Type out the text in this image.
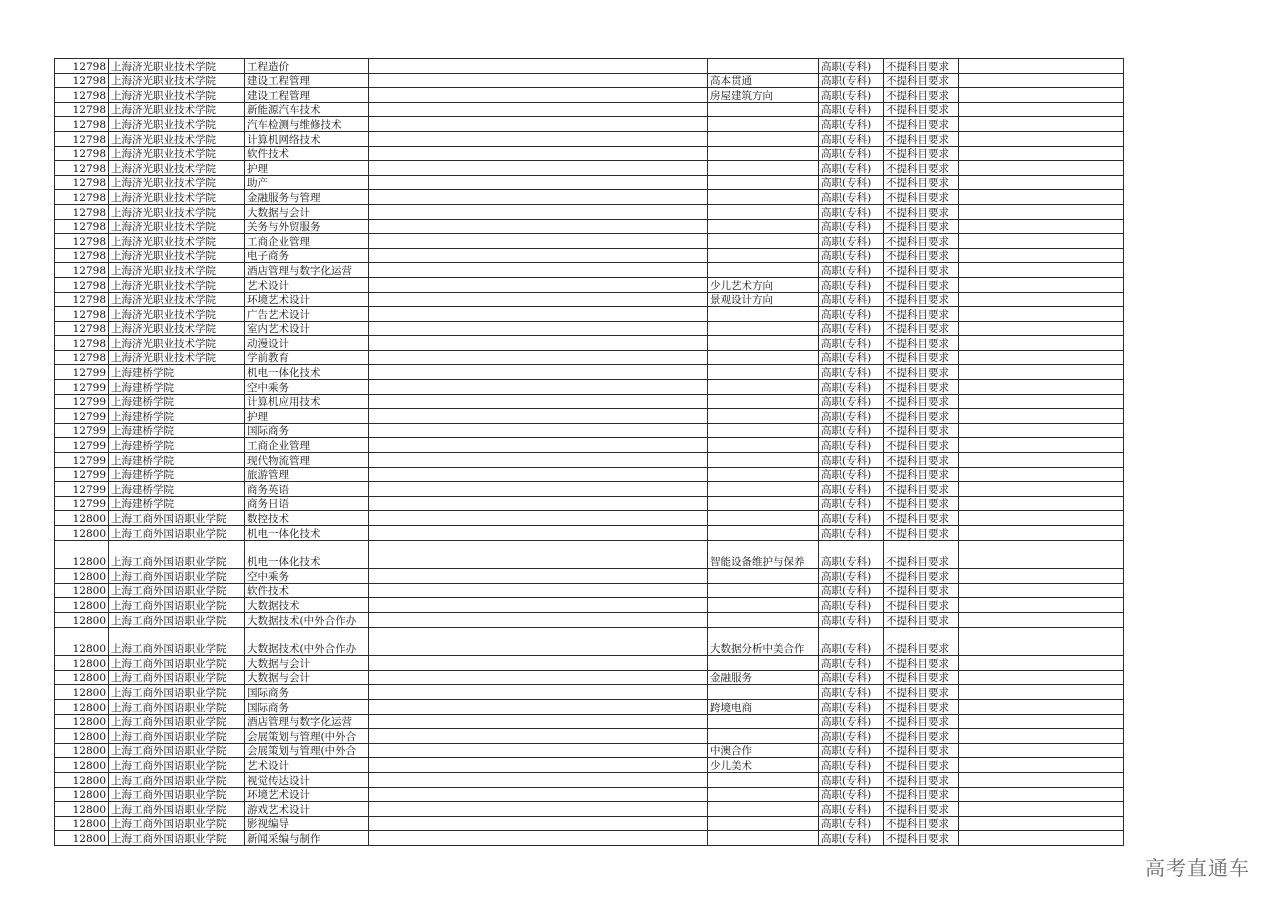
12798	上海济光职业技术学院	工程造价			高职(专科)	不提科目要求	
12798	上海济光职业技术学院	建设工程管理		高本贯通	高职(专科)	不提科目要求	
12798	上海济光职业技术学院	建设工程管理		房屋建筑方向	高职(专科)	不提科目要求	
12798	上海济光职业技术学院	新能源汽车技术			高职(专科)	不提科目要求	
12798	上海济光职业技术学院	汽车检测与维修技术			高职(专科)	不提科目要求	
12798	上海济光职业技术学院	计算机网络技术			高职(专科)	不提科目要求	
12798	上海济光职业技术学院	软件技术			高职(专科)	不提科目要求	
12798	上海济光职业技术学院	护理			高职(专科)	不提科目要求	
12798	上海济光职业技术学院	助产			高职(专科)	不提科目要求	
12798	上海济光职业技术学院	金融服务与管理			高职(专科)	不提科目要求	
12798	上海济光职业技术学院	大数据与会计			高职(专科)	不提科目要求	
12798	上海济光职业技术学院	关务与外贸服务			高职(专科)	不提科目要求	
12798	上海济光职业技术学院	工商企业管理			高职(专科)	不提科目要求	
12798	上海济光职业技术学院	电子商务			高职(专科)	不提科目要求	
12798	上海济光职业技术学院	酒店管理与数字化运营			高职(专科)	不提科目要求	
12798	上海济光职业技术学院	艺术设计		少儿艺术方向	高职(专科)	不提科目要求	
12798	上海济光职业技术学院	环境艺术设计		景观设计方向	高职(专科)	不提科目要求	
12798	上海济光职业技术学院	广告艺术设计			高职(专科)	不提科目要求	
12798	上海济光职业技术学院	室内艺术设计			高职(专科)	不提科目要求	
12798	上海济光职业技术学院	动漫设计			高职(专科)	不提科目要求	
12798	上海济光职业技术学院	学前教育			高职(专科)	不提科目要求	
12799	上海建桥学院	机电一体化技术			高职(专科)	不提科目要求	
12799	上海建桥学院	空中乘务			高职(专科)	不提科目要求	
12799	上海建桥学院	计算机应用技术			高职(专科)	不提科目要求	
12799	上海建桥学院	护理			高职(专科)	不提科目要求	
12799	上海建桥学院	国际商务			高职(专科)	不提科目要求	
12799	上海建桥学院	工商企业管理			高职(专科)	不提科目要求	
12799	上海建桥学院	现代物流管理			高职(专科)	不提科目要求	
12799	上海建桥学院	旅游管理			高职(专科)	不提科目要求	
12799	上海建桥学院	商务英语			高职(专科)	不提科目要求	
12799	上海建桥学院	商务日语			高职(专科)	不提科目要求	
12800	上海工商外国语职业学院	数控技术			高职(专科)	不提科目要求	
12800	上海工商外国语职业学院	机电一体化技术			高职(专科)	不提科目要求	
12800	上海工商外国语职业学院	机电一体化技术		智能设备维护与保养	高职(专科)	不提科目要求	
12800	上海工商外国语职业学院	空中乘务			高职(专科)	不提科目要求	
12800	上海工商外国语职业学院	软件技术			高职(专科)	不提科目要求	
12800	上海工商外国语职业学院	大数据技术			高职(专科)	不提科目要求	
12800	上海工商外国语职业学院	大数据技术(中外合作办			高职(专科)	不提科目要求	
12800	上海工商外国语职业学院	大数据技术(中外合作办		大数据分析中美合作	高职(专科)	不提科目要求	
12800	上海工商外国语职业学院	大数据与会计			高职(专科)	不提科目要求	
12800	上海工商外国语职业学院	大数据与会计		金融服务	高职(专科)	不提科目要求	
12800	上海工商外国语职业学院	国际商务			高职(专科)	不提科目要求	
12800	上海工商外国语职业学院	国际商务		跨境电商	高职(专科)	不提科目要求	
12800	上海工商外国语职业学院	酒店管理与数字化运营			高职(专科)	不提科目要求	
12800	上海工商外国语职业学院	会展策划与管理(中外合			高职(专科)	不提科目要求	
12800	上海工商外国语职业学院	会展策划与管理(中外合		中澳合作	高职(专科)	不提科目要求	
12800	上海工商外国语职业学院	艺术设计		少儿美术	高职(专科)	不提科目要求	
12800	上海工商外国语职业学院	视觉传达设计			高职(专科)	不提科目要求	
12800	上海工商外国语职业学院	环境艺术设计			高职(专科)	不提科目要求	
12800	上海工商外国语职业学院	游戏艺术设计			高职(专科)	不提科目要求	
12800	上海工商外国语职业学院	影视编导			高职(专科)	不提科目要求	
12800	上海工商外国语职业学院	新闻采编与制作			高职(专科)	不提科目要求	
高考直通车
